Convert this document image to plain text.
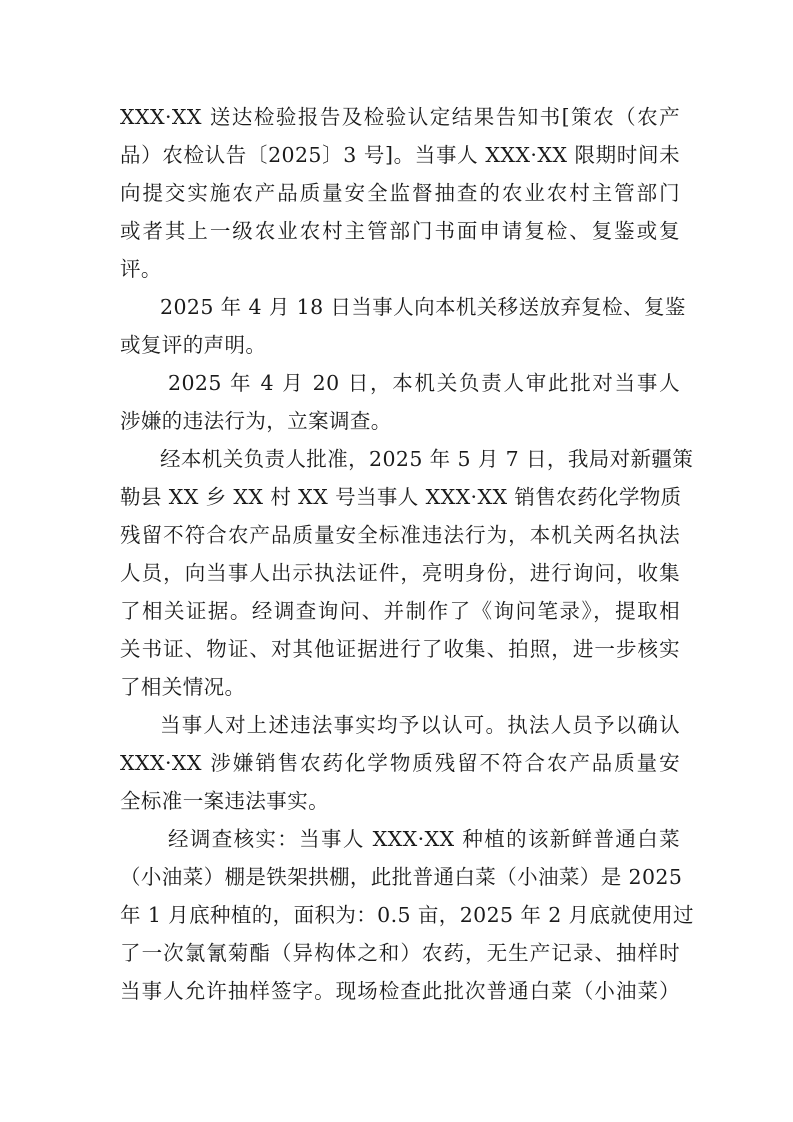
XXX·XX 送达检验报告及检验认定结果告知书[策农（农产
品）农检认告〔2025〕3 号]。当事人 XXX·XX 限期时间未
向提交实施农产品质量安全监督抽查的农业农村主管部门
或者其上一级农业农村主管部门书面申请复检、复鉴或复
评。
2025 年 4 月 18 日当事人向本机关移送放弃复检、复鉴
或复评的声明。
2025 年 4 月 20 日，本机关负责人审此批对当事人
涉嫌的违法行为，立案调查。
经本机关负责人批准，2025 年 5 月 7 日，我局对新疆策
勒县 XX 乡 XX 村 XX 号当事人 XXX·XX 销售农药化学物质
残留不符合农产品质量安全标准违法行为，本机关两名执法
人员，向当事人出示执法证件，亮明身份，进行询问，收集
了相关证据。经调查询问、并制作了《询问笔录》，提取相
关书证、物证、对其他证据进行了收集、拍照，进一步核实
了相关情况。
当事人对上述违法事实均予以认可。执法人员予以确认
XXX·XX 涉嫌销售农药化学物质残留不符合农产品质量安
全标准一案违法事实。
经调查核实：当事人 XXX·XX 种植的该新鲜普通白菜
（小油菜）棚是铁架拱棚，此批普通白菜（小油菜）是 2025
年 1 月底种植的，面积为：0.5 亩，2025 年 2 月底就使用过
了一次氯氰菊酯（异构体之和）农药，无生产记录、抽样时
当事人允许抽样签字。现场检查此批次普通白菜（小油菜）
